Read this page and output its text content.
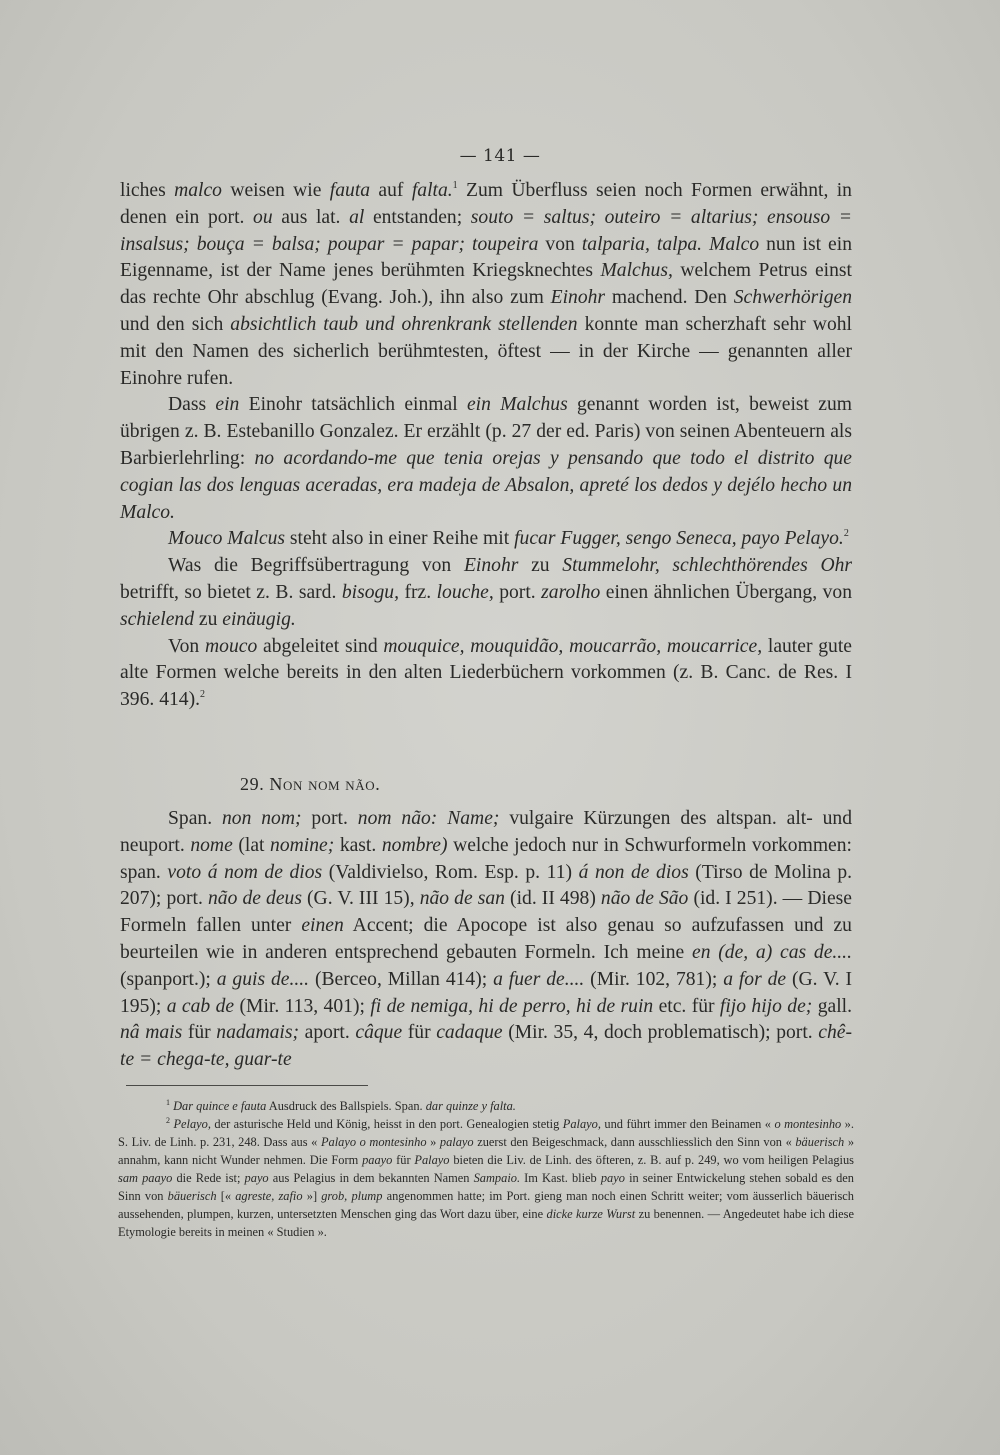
— 141 —

liches malco weisen wie fauta auf falta.$^1$ Zum Überfluss seien noch Formen erwähnt, in denen ein port. ou aus lat. al entstanden; souto = saltus; outeiro = altarius; ensouso = insalsus; bouça = balsa; poupar = papar; toupeira von talparia, talpa. Malco nun ist ein Eigenname, ist der Name jenes berühmten Kriegsknechtes Malchus, welchem Petrus einst das rechte Ohr abschlug (Evang. Joh.), ihn also zum Einohr machend. Den Schwerhörigen und den sich absichtlich taub und ohrenkrank stellenden konnte man scherzhaft sehr wohl mit den Namen des sicherlich berühmtesten, öftest — in der Kirche — genannten aller Einohre rufen.

Dass ein Einohr tatsächlich einmal ein Malchus genannt worden ist, beweist zum übrigen z. B. Estebanillo Gonzalez. Er erzählt (p. 27 der ed. Paris) von seinen Abenteuern als Barbierlehrling: no acordando-me que tenia orejas y pensando que todo el distrito que cogian las dos lenguas aceradas, era madeja de Absalon, apreté los dedos y dejélo hecho un Malco.

Mouco Malcus steht also in einer Reihe mit fucar Fugger, sengo Seneca, payo Pelayo.$^2$

Was die Begriffsübertragung von Einohr zu Stummelohr, schlechthörendes Ohr betrifft, so bietet z. B. sard. bisogu, frz. louche, port. zarolho einen ähnlichen Übergang, von schielend zu einäugig.

Von mouco abgeleitet sind mouquice, mouquidão, moucarrão, moucarrice, lauter gute alte Formen welche bereits in den alten Liederbüchern vorkommen (z. B. Canc. de Res. I 396. 414).$^2$

29. Non nom não.

Span. non nom; port. nom não: Name; vulgaire Kürzungen des altspan. alt- und neuport. nome (lat nomine; kast. nombre) welche jedoch nur in Schwurformeln vorkommen: span. voto á nom de dios (Valdivielso, Rom. Esp. p. 11) á non de dios (Tirso de Molina p. 207); port. não de deus (G. V. III 15), não de san (id. II 498) não de São (id. I 251). — Diese Formeln fallen unter einen Accent; die Apocope ist also genau so aufzufassen und zu beurteilen wie in anderen entsprechend gebauten Formeln. Ich meine en (de, a) cas de.... (spanport.); a guis de.... (Berceo, Millan 414); a fuer de.... (Mir. 102, 781); a for de (G. V. I 195); a cab de (Mir. 113, 401); fi de nemiga, hi de perro, hi de ruin etc. für fijo hijo de; gall. nâ mais für nadamais; aport. câque für cadaque (Mir. 35, 4, doch problematisch); port. chê-te = chega-te, guar-te

$^1$ Dar quince e fauta Ausdruck des Ballspiels. Span. dar quinze y falta.

$^2$ Pelayo, der asturische Held und König, heisst in den port. Genealogien stetig Palayo, und führt immer den Beinamen « o montesinho ». S. Liv. de Linh. p. 231, 248. Dass aus « Palayo o montesinho » palayo zuerst den Beigeschmack, dann ausschliesslich den Sinn von « bäuerisch » annahm, kann nicht Wunder nehmen. Die Form paayo für Palayo bieten die Liv. de Linh. des öfteren, z. B. auf p. 249, wo vom heiligen Pelagius sam paayo die Rede ist; payo aus Pelagius in dem bekannten Namen Sampaio. Im Kast. blieb payo in seiner Entwickelung stehen sobald es den Sinn von bäuerisch [« agreste, zafio »] grob, plump angenommen hatte; im Port. gieng man noch einen Schritt weiter; vom äusserlich bäuerisch aussehenden, plumpen, kurzen, untersetzten Menschen ging das Wort dazu über, eine dicke kurze Wurst zu benennen. — Angedeutet habe ich diese Etymologie bereits in meinen « Studien ».
